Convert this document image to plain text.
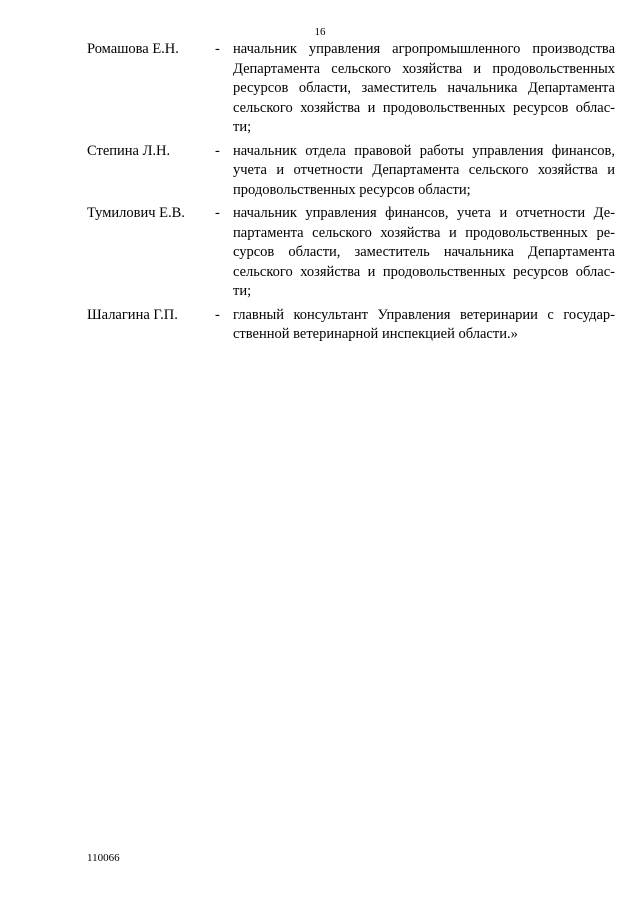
16
Ромашова Е.Н. - начальник управления агропромышленного производства
Департамента сельского хозяйства и продовольственных
ресурсов области, заместитель начальника Департамента
сельского хозяйства и продовольственных ресурсов облас-
ти;
Степина Л.Н.	- начальник отдела правовой работы управления финансов,
учета и отчетности Департамента сельского хозяйства и
продовольственных ресурсов области;
Тумилович Е.В. - начальник управления финансов, учета и отчетности Де-
партамента сельского хозяйства и продовольственных ре-
сурсов области, заместитель начальника Департамента
сельского хозяйства и продовольственных ресурсов облас-
ти;
Шалагина Г.П.	- главный консультант Управления ветеринарии с государ-
ственной ветеринарной инспекцией области.»
110066
